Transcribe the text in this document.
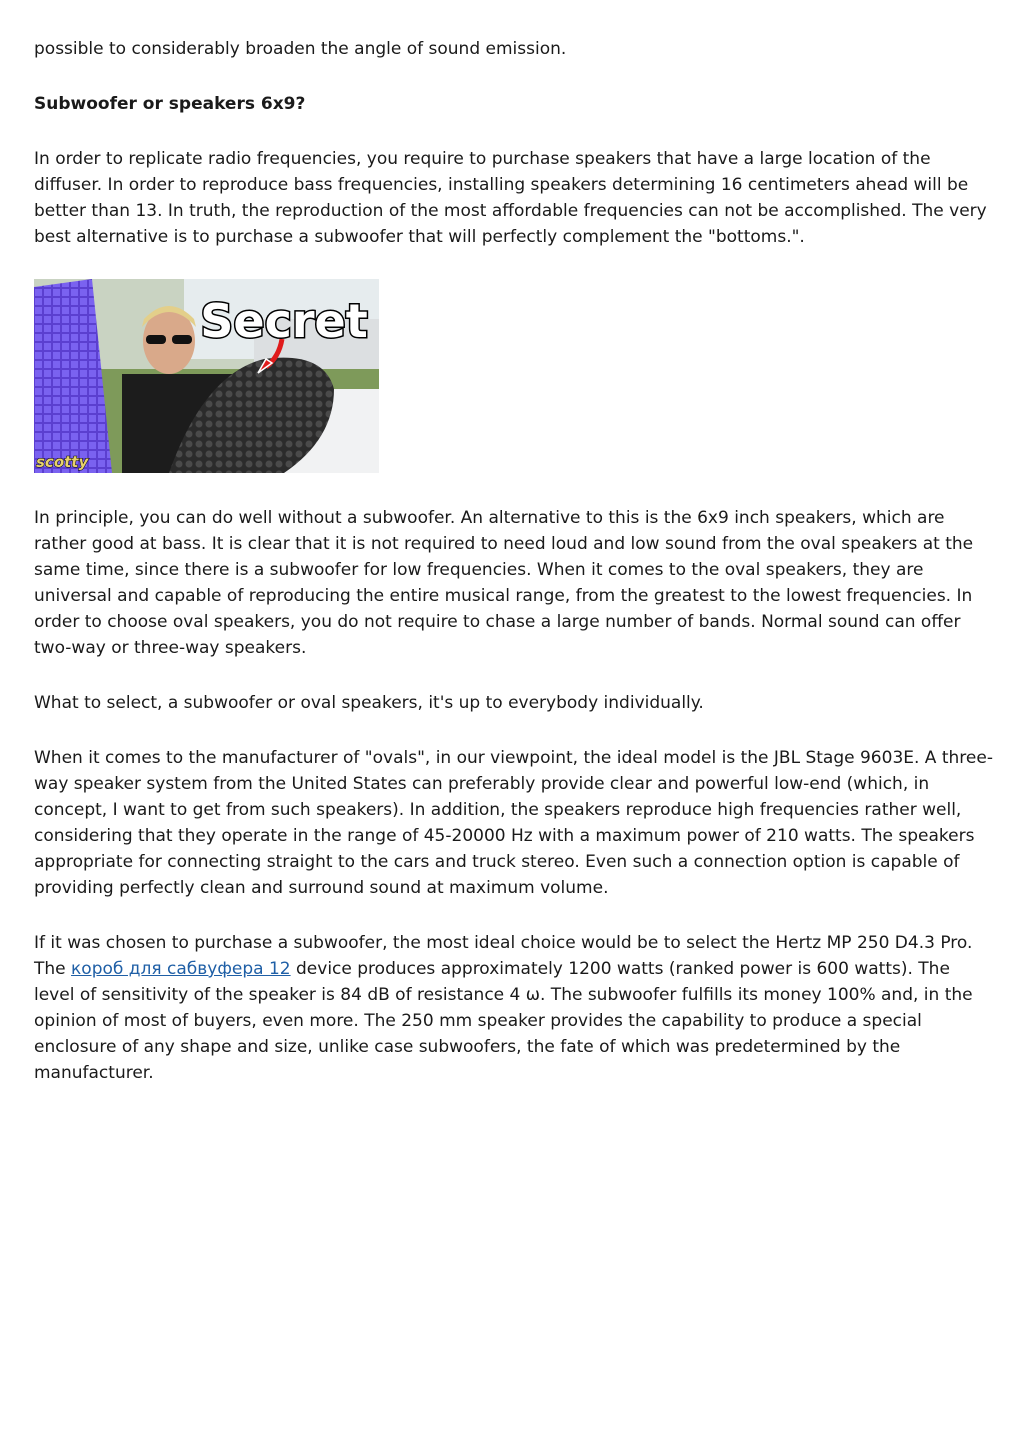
possible to considerably broaden the angle of sound emission.

Subwoofer or speakers 6x9?

In order to replicate radio frequencies, you require to purchase speakers that have a large location of the diffuser. In order to reproduce bass frequencies, installing speakers determining 16 centimeters ahead will be better than 13. In truth, the reproduction of the most affordable frequencies can not be accomplished. The very best alternative is to purchase a subwoofer that will perfectly complement the "bottoms.".

Secret
scotty

In principle, you can do well without a subwoofer. An alternative to this is the 6x9 inch speakers, which are rather good at bass. It is clear that it is not required to need loud and low sound from the oval speakers at the same time, since there is a subwoofer for low frequencies. When it comes to the oval speakers, they are universal and capable of reproducing the entire musical range, from the greatest to the lowest frequencies. In order to choose oval speakers, you do not require to chase a large number of bands. Normal sound can offer two-way or three-way speakers.

What to select, a subwoofer or oval speakers, it's up to everybody individually.

When it comes to the manufacturer of "ovals", in our viewpoint, the ideal model is the JBL Stage 9603E. A three-way speaker system from the United States can preferably provide clear and powerful low-end (which, in concept, I want to get from such speakers). In addition, the speakers reproduce high frequencies rather well, considering that they operate in the range of 45-20000 Hz with a maximum power of 210 watts. The speakers appropriate for connecting straight to the cars and truck stereo. Even such a connection option is capable of providing perfectly clean and surround sound at maximum volume.

If it was chosen to purchase a subwoofer, the most ideal choice would be to select the Hertz MP 250 D4.3 Pro. The короб для сабвуфера 12 device produces approximately 1200 watts (ranked power is 600 watts). The level of sensitivity of the speaker is 84 dB of resistance 4 ω. The subwoofer fulfills its money 100% and, in the opinion of most of buyers, even more. The 250 mm speaker provides the capability to produce a special enclosure of any shape and size, unlike case subwoofers, the fate of which was predetermined by the manufacturer.
